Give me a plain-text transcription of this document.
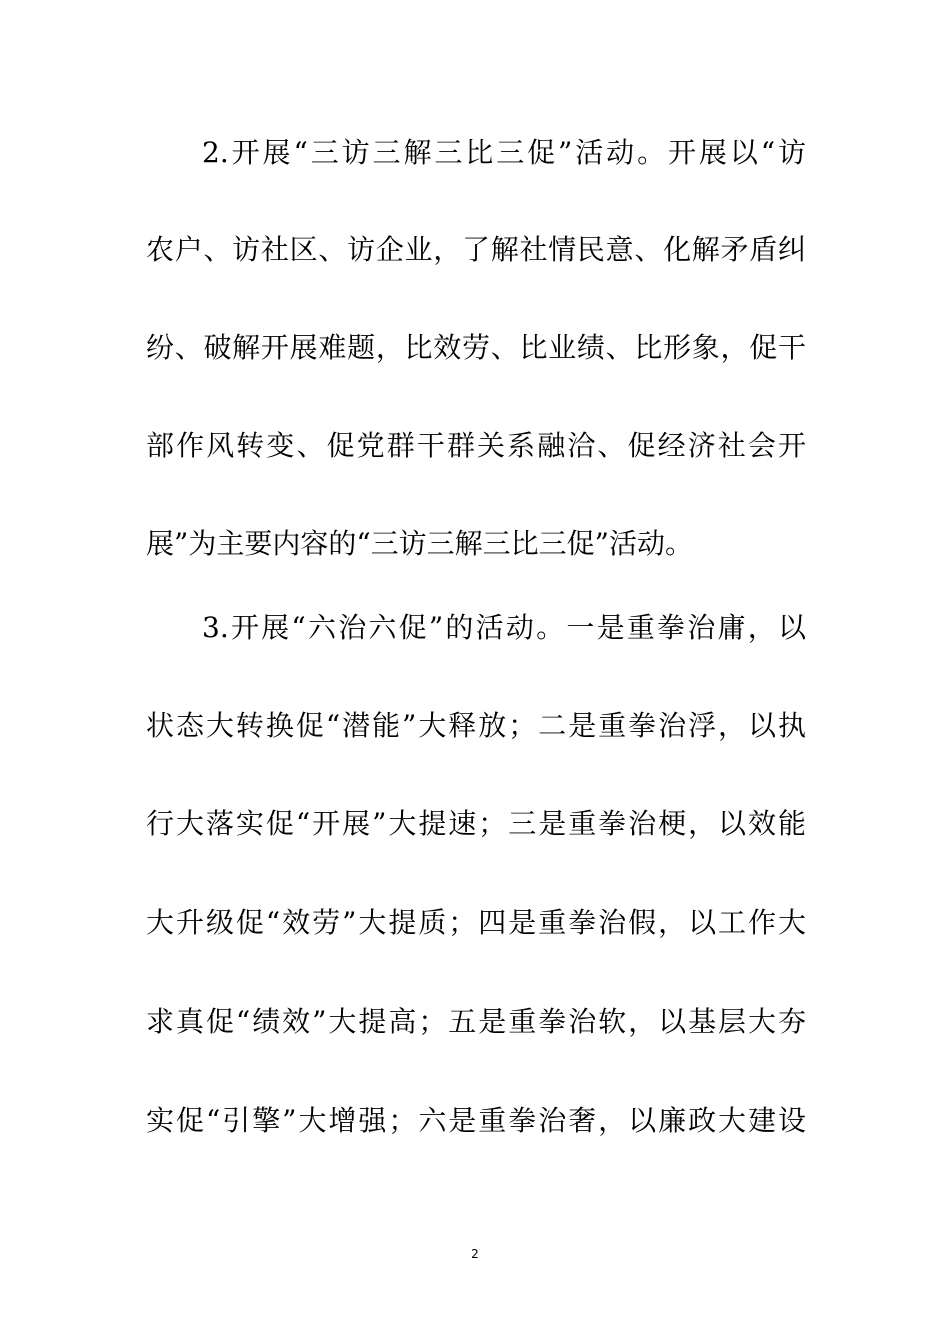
2.开展“三访三解三比三促”活动。开展以“访
农户、访社区、访企业，了解社情民意、化解矛盾纠
纷、破解开展难题，比效劳、比业绩、比形象，促干
部作风转变、促党群干群关系融洽、促经济社会开
展”为主要内容的“三访三解三比三促”活动。
3.开展“六治六促”的活动。一是重拳治庸，以
状态大转换促“潜能”大释放；二是重拳治浮，以执
行大落实促“开展”大提速；三是重拳治梗，以效能
大升级促“效劳”大提质；四是重拳治假，以工作大
求真促“绩效”大提高；五是重拳治软，以基层大夯
实促“引擎”大增强；六是重拳治奢，以廉政大建设
2
